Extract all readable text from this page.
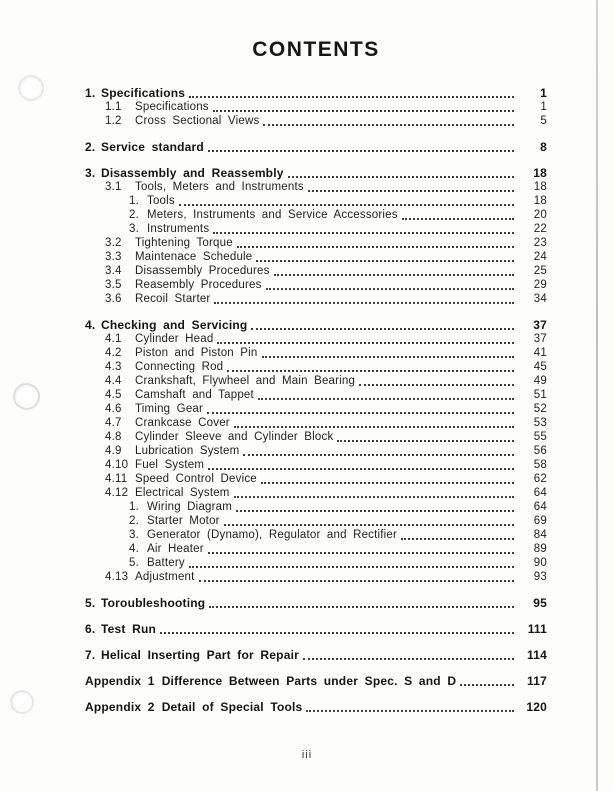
CONTENTS
1. Specifications	1
1.1	Specifications	1
1.2	Cross Sectional Views	5
2. Service standard	8
3. Disassembly and Reassembly	18
3.1	Tools, Meters and Instruments	18
1. Tools	18
2. Meters, Instruments and Service Accessories	20
3. Instruments	22
3.2	Tightening Torque	23
3.3	Maintenace Schedule	24
3.4	Disassembly Procedures	25
3.5	Reasembly Procedures	29
3.6	Recoil Starter	34
4. Checking and Servicing	37
4.1	Cylinder Head	37
4.2	Piston and Piston Pin	41
4.3	Connecting Rod	45
4.4	Crankshaft, Flywheel and Main Bearing	49
4.5	Camshaft and Tappet	51
4.6	Timing Gear	52
4.7	Crankcase Cover	53
4.8	Cylinder Sleeve and Cylinder Block	55
4.9	Lubrication System	56
4.10 Fuel System	58
4.11 Speed Control Device	62
4.12 Electrical System	64
1. Wiring Diagram	64
2. Starter Motor	69
3. Generator (Dynamo), Regulator and Rectifier	84
4. Air Heater	89
5. Battery	90
4.13 Adjustment	93
5. Toroubleshooting	95
6. Test Run	111
7. Helical Inserting Part for Repair	114
Appendix 1 Difference Between Parts under Spec. S and D	117
Appendix 2 Detail of Special Tools	120
iii
